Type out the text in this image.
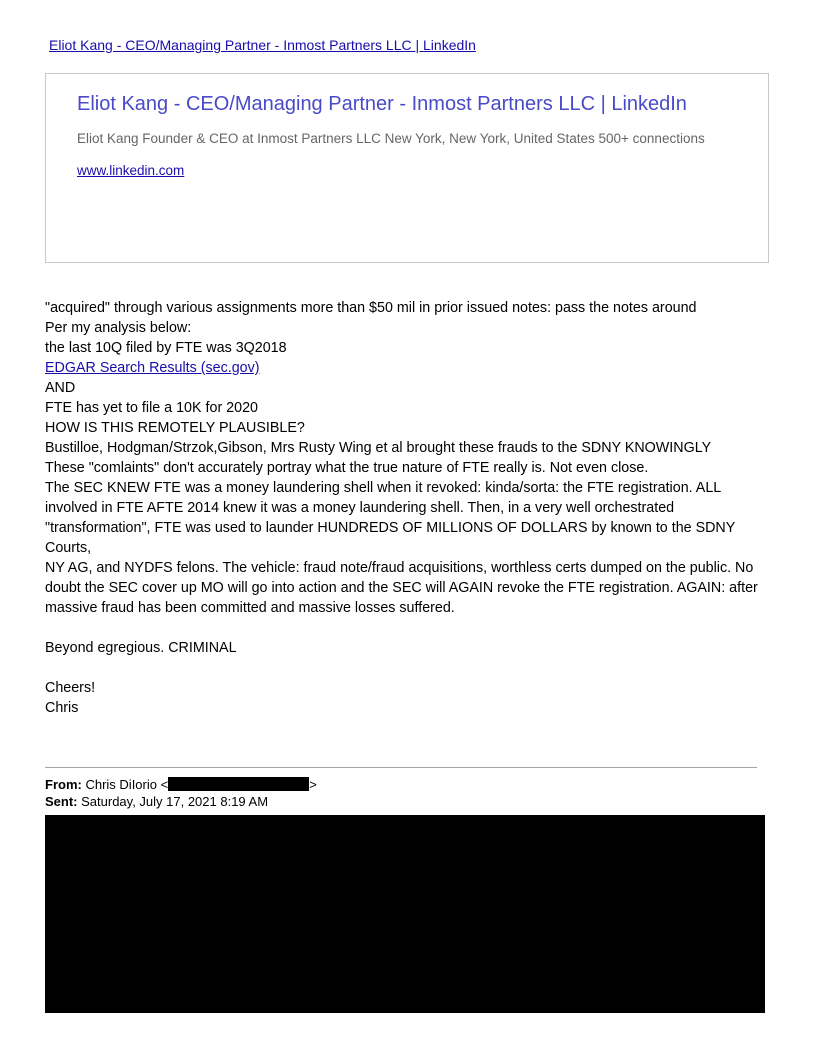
Eliot Kang - CEO/Managing Partner - Inmost Partners LLC | LinkedIn
Eliot Kang - CEO/Managing Partner - Inmost Partners LLC | LinkedIn
Eliot Kang Founder & CEO at Inmost Partners LLC New York, New York, United States 500+ connections
www.linkedin.com
"acquired" through various assignments more than $50 mil in prior issued notes: pass the notes around
Per my analysis below:
the last 10Q filed by FTE was 3Q2018
EDGAR Search Results (sec.gov)
AND
FTE has yet to file a 10K for 2020
HOW IS THIS REMOTELY PLAUSIBLE?
Bustilloe, Hodgman/Strzok,Gibson, Mrs Rusty Wing et al brought these frauds to the SDNY KNOWINGLY
These "comlaints" don't accurately portray what the true nature of FTE really is. Not even close.
The SEC KNEW FTE was a money laundering shell when it revoked: kinda/sorta: the FTE registration. ALL
involved in FTE AFTE 2014 knew it was a money laundering shell. Then, in a very well orchestrated
"transformation", FTE was used to launder HUNDREDS OF MILLIONS OF DOLLARS by known to the SDNY Courts,
NY AG, and NYDFS felons. The vehicle: fraud note/fraud acquisitions, worthless certs dumped on the public. No
doubt the SEC cover up MO will go into action and the SEC will AGAIN revoke the FTE registration. AGAIN: after
massive fraud has been committed and massive losses suffered.
Beyond egregious. CRIMINAL
Cheers!
Chris
From: Chris DiIorio <	>
Sent: Saturday, July 17, 2021 8:19 AM
